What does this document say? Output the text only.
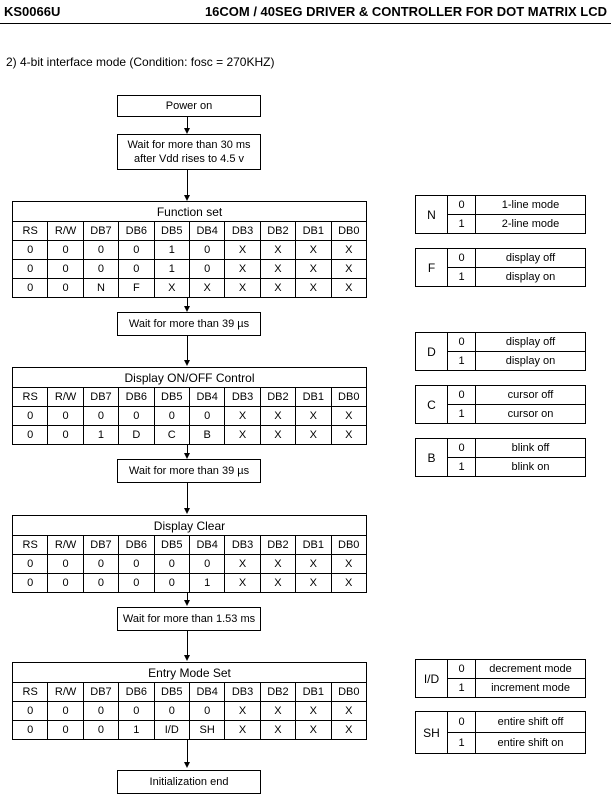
KS0066U	16COM / 40SEG DRIVER & CONTROLLER FOR DOT MATRIX LCD
2) 4-bit interface mode (Condition: fosc = 270KHZ)
Power on
Wait for more than 30 ms
after Vdd rises to 4.5 v
Function set									
RS	R/W	DB7	DB6	DB5	DB4	DB3	DB2	DB1	DB0
0	0	0	0	1	0	X	X	X	X
0	0	0	0	1	0	X	X	X	X
0	0	N	F	X	X	X	X	X	X
Wait for more than 39 µs
Display ON/OFF Control									
RS	R/W	DB7	DB6	DB5	DB4	DB3	DB2	DB1	DB0
0	0	0	0	0	0	X	X	X	X
0	0	1	D	C	B	X	X	X	X
Wait for more than 39 µs
Display Clear									
RS	R/W	DB7	DB6	DB5	DB4	DB3	DB2	DB1	DB0
0	0	0	0	0	0	X	X	X	X
0	0	0	0	0	1	X	X	X	X
Wait for more than 1.53 ms
Entry Mode Set									
RS	R/W	DB7	DB6	DB5	DB4	DB3	DB2	DB1	DB0
0	0	0	0	0	0	X	X	X	X
0	0	0	1	I/D	SH	X	X	X	X
Initialization end
N	0	1-line mode
	1	2-line mode
F	0	display off
	1	display on
D	0	display off
	1	display on
C	0	cursor off
	1	cursor on
B	0	blink off
	1	blink on
I/D	0	decrement mode
	1	increment mode
SH	0	entire shift off
	1	entire shift on
